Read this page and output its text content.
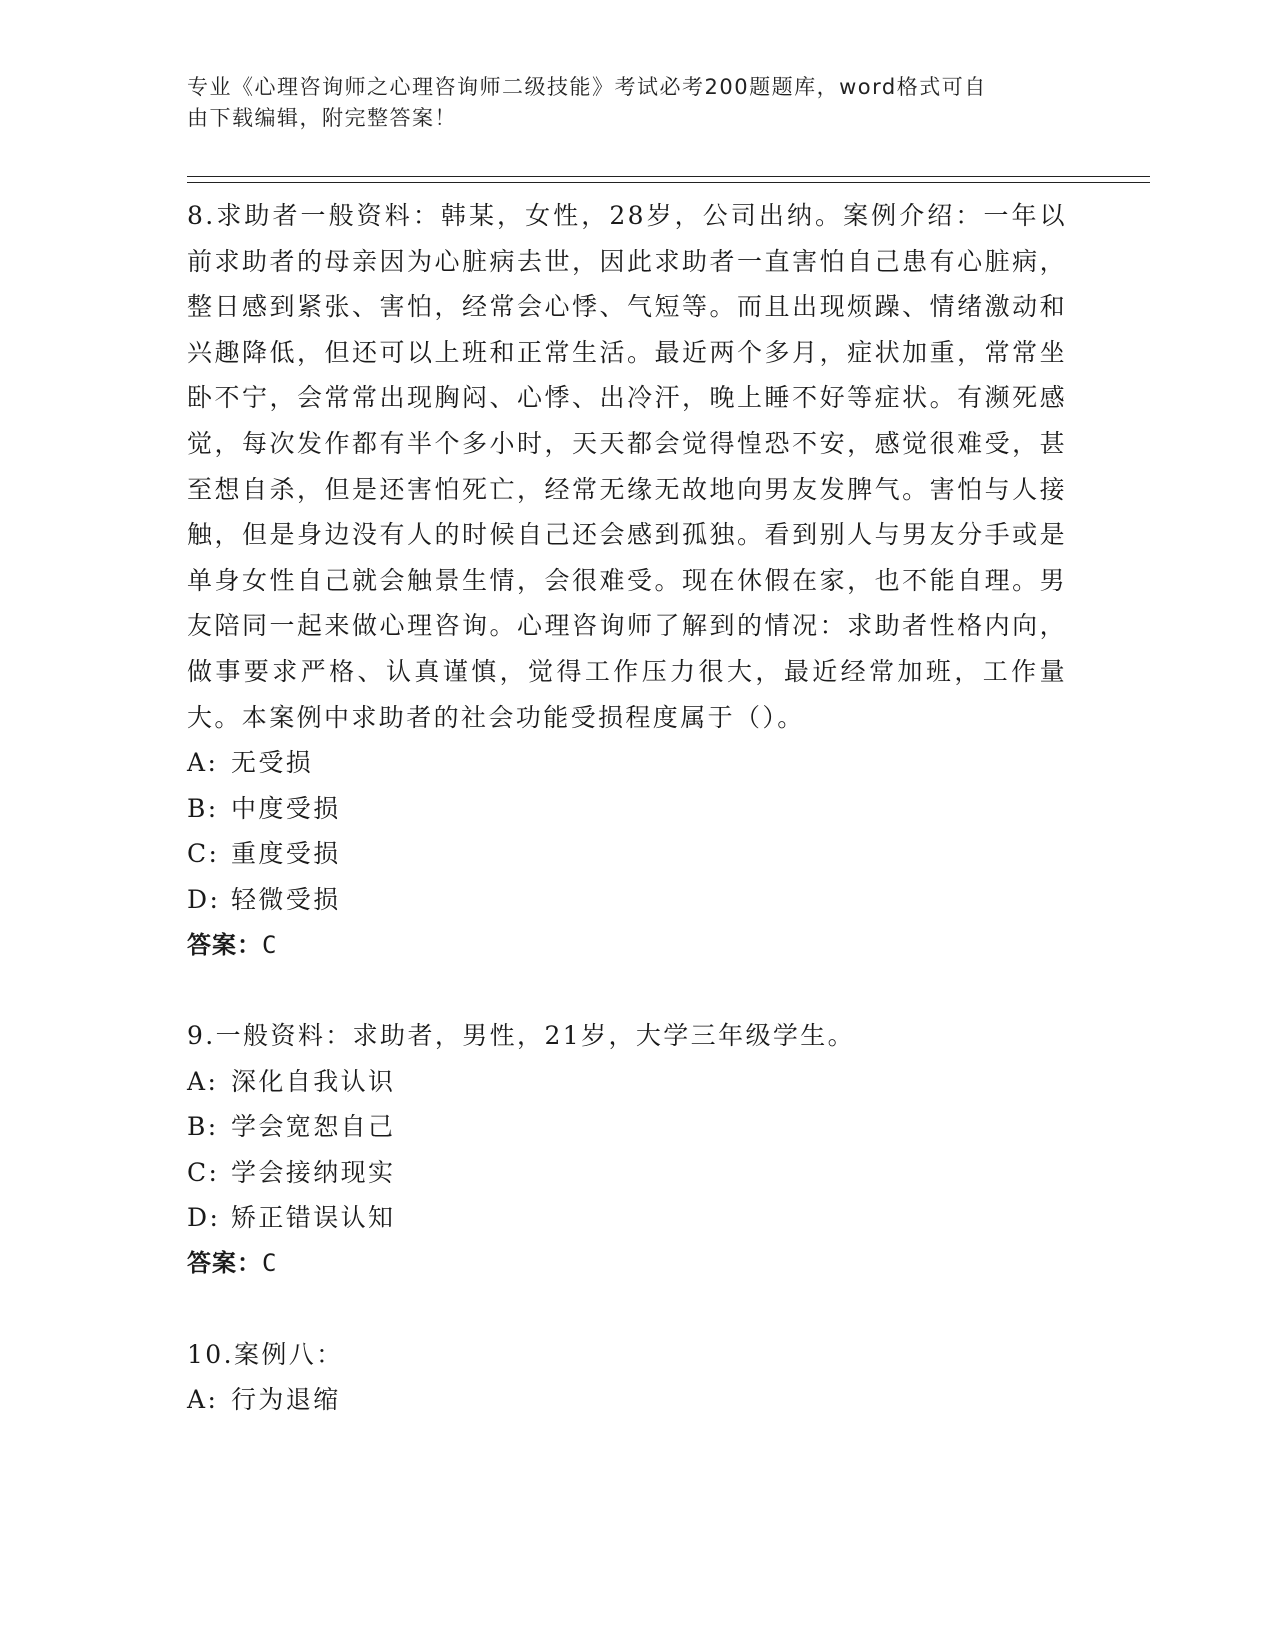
专业《心理咨询师之心理咨询师二级技能》考试必考200题题库，word格式可自
由下载编辑，附完整答案！

8.求助者一般资料：韩某，女性，28岁，公司出纳。案例介绍：一年以前求助者的母亲因为心脏病去世，因此求助者一直害怕自己患有心脏病，整日感到紧张、害怕，经常会心悸、气短等。而且出现烦躁、情绪激动和兴趣降低，但还可以上班和正常生活。最近两个多月，症状加重，常常坐卧不宁，会常常出现胸闷、心悸、出冷汗，晚上睡不好等症状。有濒死感觉，每次发作都有半个多小时，天天都会觉得惶恐不安，感觉很难受，甚至想自杀，但是还害怕死亡，经常无缘无故地向男友发脾气。害怕与人接触，但是身边没有人的时候自己还会感到孤独。看到别人与男友分手或是单身女性自己就会触景生情，会很难受。现在休假在家，也不能自理。男友陪同一起来做心理咨询。心理咨询师了解到的情况：求助者性格内向，做事要求严格、认真谨慎，觉得工作压力很大，最近经常加班，工作量大。本案例中求助者的社会功能受损程度属于（）。

A: 无受损

B: 中度受损

C: 重度受损

D: 轻微受损

答案：C

9.一般资料：求助者，男性，21岁，大学三年级学生。

A: 深化自我认识

B: 学会宽恕自己

C: 学会接纳现实

D: 矫正错误认知

答案：C

10.案例八：

A: 行为退缩
